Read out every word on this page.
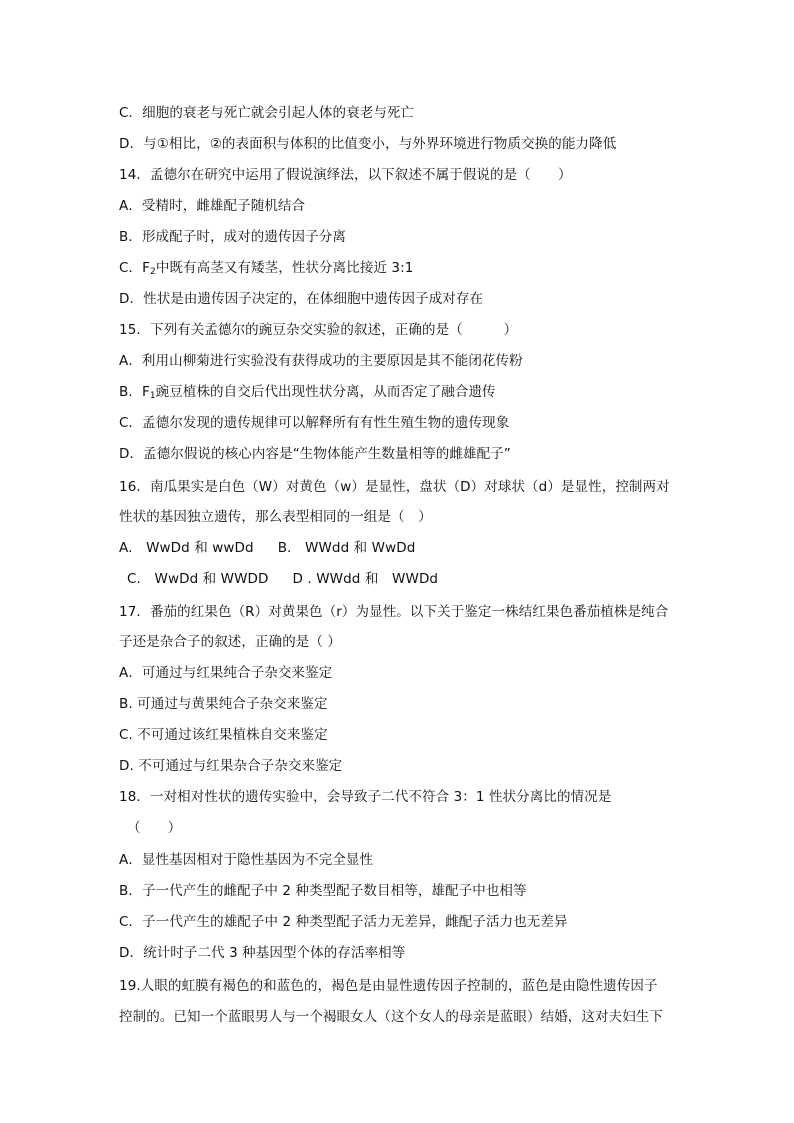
C．细胞的衰老与死亡就会引起人体的衰老与死亡
D．与①相比，②的表面积与体积的比值变小，与外界环境进行物质交换的能力降低
14．孟德尔在研究中运用了假说演绎法，以下叙述不属于假说的是（　　）
A．受精时，雌雄配子随机结合
B．形成配子时，成对的遗传因子分离
C．$F_2$中既有高茎又有矮茎，性状分离比接近 3:1
D．性状是由遗传因子决定的，在体细胞中遗传因子成对存在
15．下列有关孟德尔的豌豆杂交实验的叙述，正确的是（　　　）
A．利用山柳菊进行实验没有获得成功的主要原因是其不能闭花传粉
B．$F_1$豌豆植株的自交后代出现性状分离，从而否定了融合遗传
C．孟德尔发现的遗传规律可以解释所有有性生殖生物的遗传现象
D．孟德尔假说的核心内容是“生物体能产生数量相等的雌雄配子”
16．南瓜果实是白色（W）对黄色（w）是显性，盘状（D）对球状（d）是显性，控制两对
性状的基因独立遗传，那么表型相同的一组是（　）
A.　WwDd 和 wwDd B.　WWdd 和 WwDd
C.　WwDd 和 WWDD D . WWdd 和　WWDd
17．番茄的红果色（R）对黄果色（r）为显性。以下关于鉴定一株结红果色番茄植株是纯合
子还是杂合子的叙述，正确的是（ ）
A．可通过与红果纯合子杂交来鉴定
B. 可通过与黄果纯合子杂交来鉴定
C. 不可通过该红果植株自交来鉴定
D. 不可通过与红果杂合子杂交来鉴定
18．一对相对性状的遗传实验中，会导致子二代不符合 3：1 性状分离比的情况是
（　　）
A．显性基因相对于隐性基因为不完全显性
B．子一代产生的雌配子中 2 种类型配子数目相等，雄配子中也相等
C．子一代产生的雄配子中 2 种类型配子活力无差异，雌配子活力也无差异
D．统计时子二代 3 种基因型个体的存活率相等
19.人眼的虹膜有褐色的和蓝色的，褐色是由显性遗传因子控制的，蓝色是由隐性遗传因子
控制的。已知一个蓝眼男人与一个褐眼女人（这个女人的母亲是蓝眼）结婚，这对夫妇生下
